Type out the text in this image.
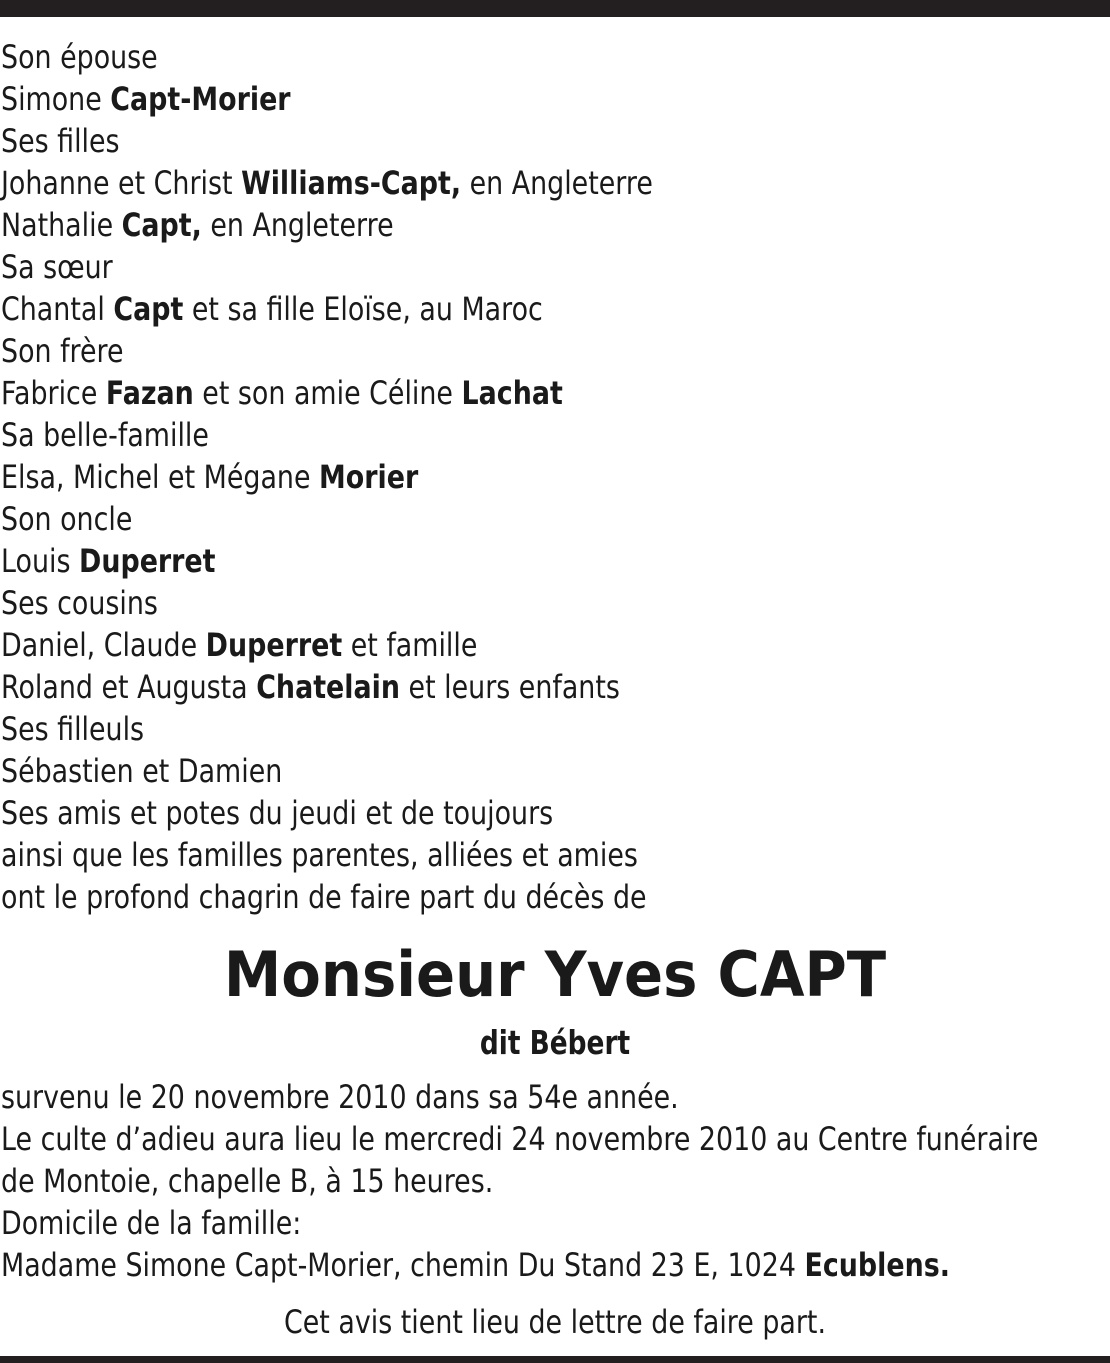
Son épouse
Simone Capt-Morier
Ses filles
Johanne et Christ Williams-Capt, en Angleterre
Nathalie Capt, en Angleterre
Sa sœur
Chantal Capt et sa fille Eloïse, au Maroc
Son frère
Fabrice Fazan et son amie Céline Lachat
Sa belle-famille
Elsa, Michel et Mégane Morier
Son oncle
Louis Duperret
Ses cousins
Daniel, Claude Duperret et famille
Roland et Augusta Chatelain et leurs enfants
Ses filleuls
Sébastien et Damien
Ses amis et potes du jeudi et de toujours
ainsi que les familles parentes, alliées et amies
ont le profond chagrin de faire part du décès de
Monsieur Yves CAPT
dit Bébert
survenu le 20 novembre 2010 dans sa 54e année.
Le culte d’adieu aura lieu le mercredi 24 novembre 2010 au Centre funéraire
de Montoie, chapelle B, à 15 heures.
Domicile de la famille:
Madame Simone Capt-Morier, chemin Du Stand 23 E, 1024 Ecublens.
Cet avis tient lieu de lettre de faire part.
